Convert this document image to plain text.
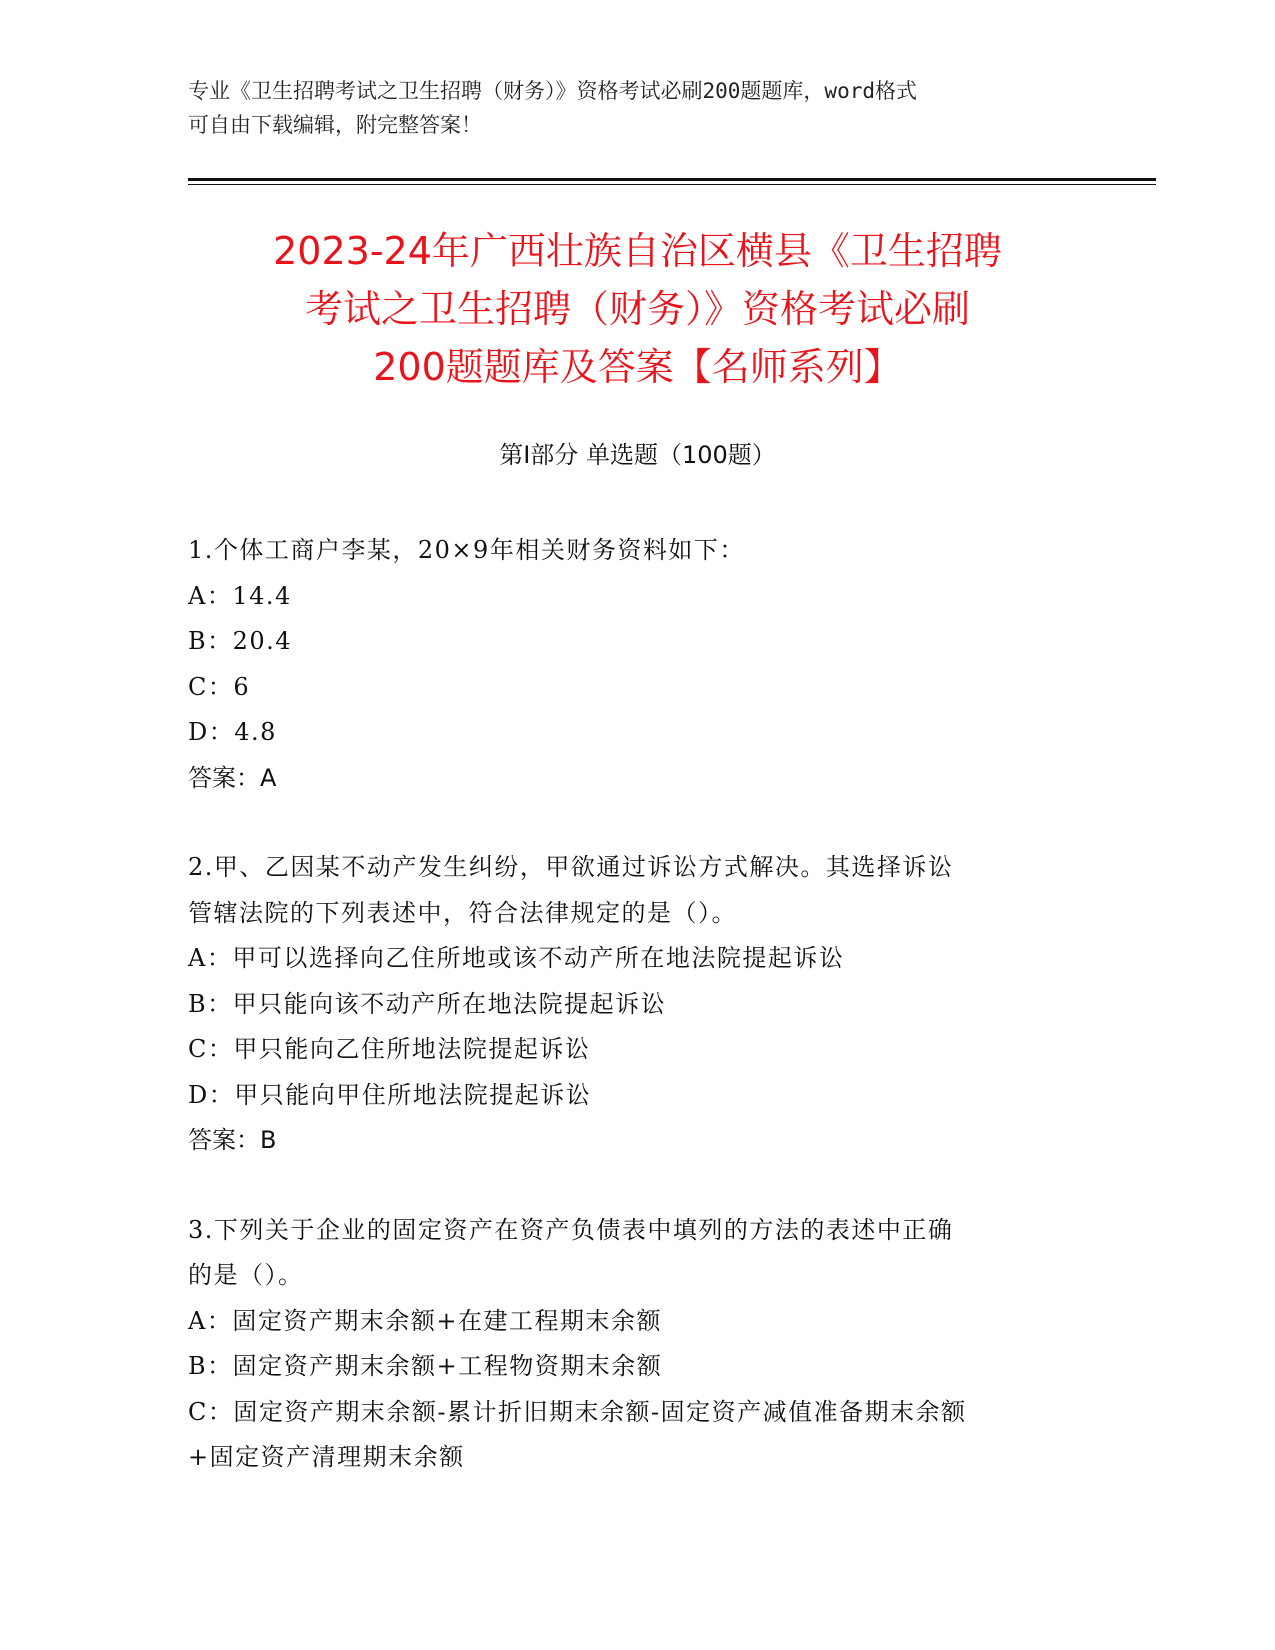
专业《卫生招聘考试之卫生招聘（财务）》资格考试必刷200题题库，word格式
可自由下载编辑，附完整答案！
2023-24年广西壮族自治区横县《卫生招聘
考试之卫生招聘（财务）》资格考试必刷
200题题库及答案【名师系列】
第Ⅰ部分 单选题（100题）
1.个体工商户李某，20×9年相关财务资料如下：
A：14.4
B：20.4
C：6
D：4.8
答案：A
2.甲、乙因某不动产发生纠纷，甲欲通过诉讼方式解决。其选择诉讼
管辖法院的下列表述中，符合法律规定的是（）。
A：甲可以选择向乙住所地或该不动产所在地法院提起诉讼
B：甲只能向该不动产所在地法院提起诉讼
C：甲只能向乙住所地法院提起诉讼
D：甲只能向甲住所地法院提起诉讼
答案：B
3.下列关于企业的固定资产在资产负债表中填列的方法的表述中正确
的是（）。
A：固定资产期末余额+在建工程期末余额
B：固定资产期末余额+工程物资期末余额
C：固定资产期末余额-累计折旧期末余额-固定资产减值准备期末余额
+固定资产清理期末余额
